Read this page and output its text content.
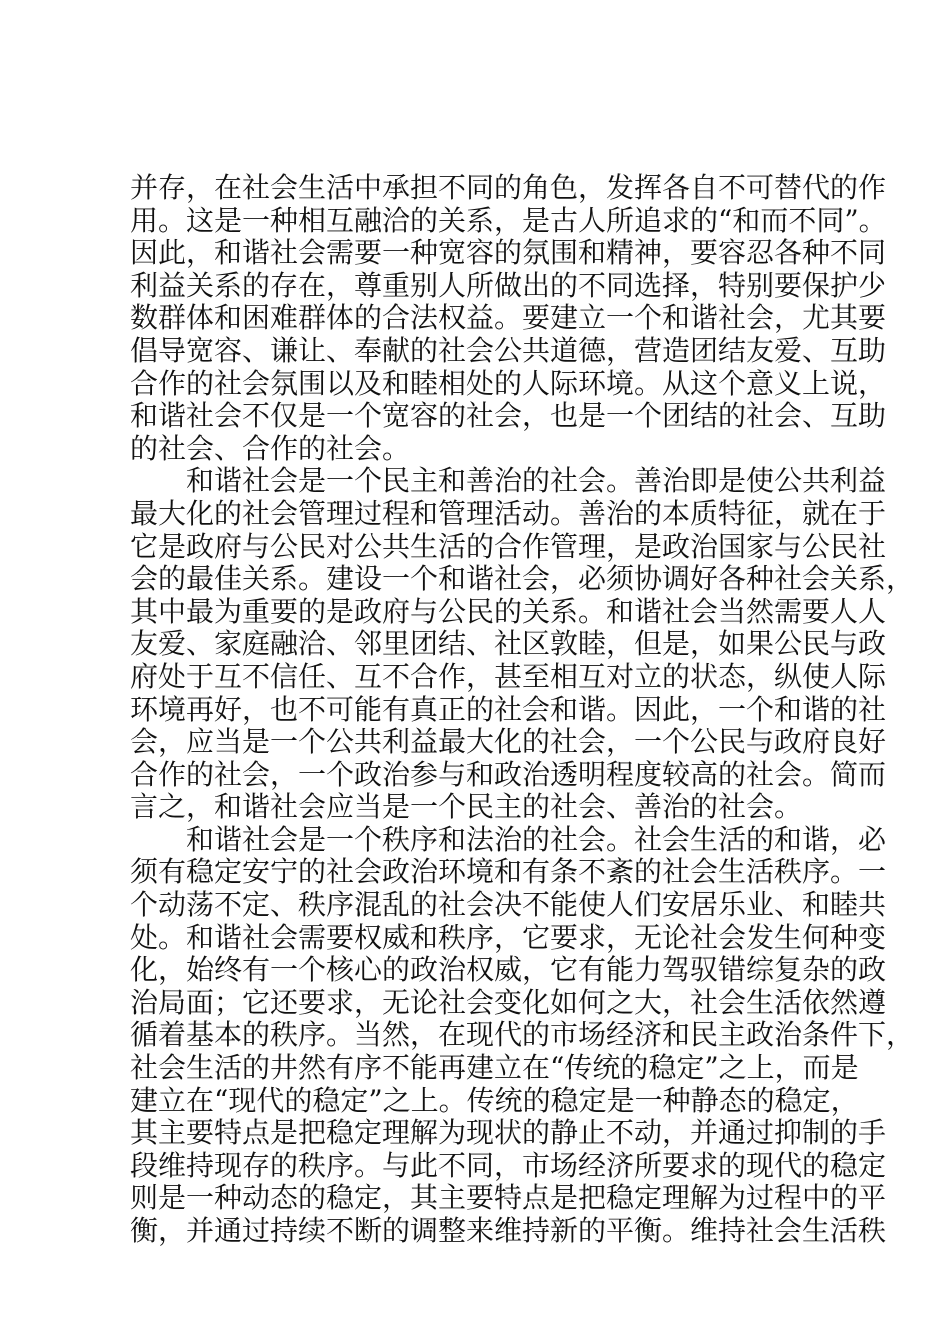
并存，在社会生活中承担不同的角色，发挥各自不可替代的作
用。这是一种相互融洽的关系，是古人所追求的“和而不同”。
因此，和谐社会需要一种宽容的氛围和精神，要容忍各种不同
利益关系的存在，尊重别人所做出的不同选择，特别要保护少
数群体和困难群体的合法权益。要建立一个和谐社会，尤其要
倡导宽容、谦让、奉献的社会公共道德，营造团结友爱、互助
合作的社会氛围以及和睦相处的人际环境。从这个意义上说，
和谐社会不仅是一个宽容的社会，也是一个团结的社会、互助
的社会、合作的社会。
和谐社会是一个民主和善治的社会。善治即是使公共利益
最大化的社会管理过程和管理活动。善治的本质特征，就在于
它是政府与公民对公共生活的合作管理，是政治国家与公民社
会的最佳关系。建设一个和谐社会，必须协调好各种社会关系，
其中最为重要的是政府与公民的关系。和谐社会当然需要人人
友爱、家庭融洽、邻里团结、社区敦睦，但是，如果公民与政
府处于互不信任、互不合作，甚至相互对立的状态，纵使人际
环境再好，也不可能有真正的社会和谐。因此，一个和谐的社
会，应当是一个公共利益最大化的社会，一个公民与政府良好
合作的社会，一个政治参与和政治透明程度较高的社会。简而
言之，和谐社会应当是一个民主的社会、善治的社会。
和谐社会是一个秩序和法治的社会。社会生活的和谐，必
须有稳定安宁的社会政治环境和有条不紊的社会生活秩序。一
个动荡不定、秩序混乱的社会决不能使人们安居乐业、和睦共
处。和谐社会需要权威和秩序，它要求，无论社会发生何种变
化，始终有一个核心的政治权威，它有能力驾驭错综复杂的政
治局面；它还要求，无论社会变化如何之大，社会生活依然遵
循着基本的秩序。当然，在现代的市场经济和民主政治条件下，
社会生活的井然有序不能再建立在“传统的稳定”之上，而是
建立在“现代的稳定”之上。传统的稳定是一种静态的稳定，
其主要特点是把稳定理解为现状的静止不动，并通过抑制的手
段维持现存的秩序。与此不同，市场经济所要求的现代的稳定
则是一种动态的稳定，其主要特点是把稳定理解为过程中的平
衡，并通过持续不断的调整来维持新的平衡。维持社会生活秩
